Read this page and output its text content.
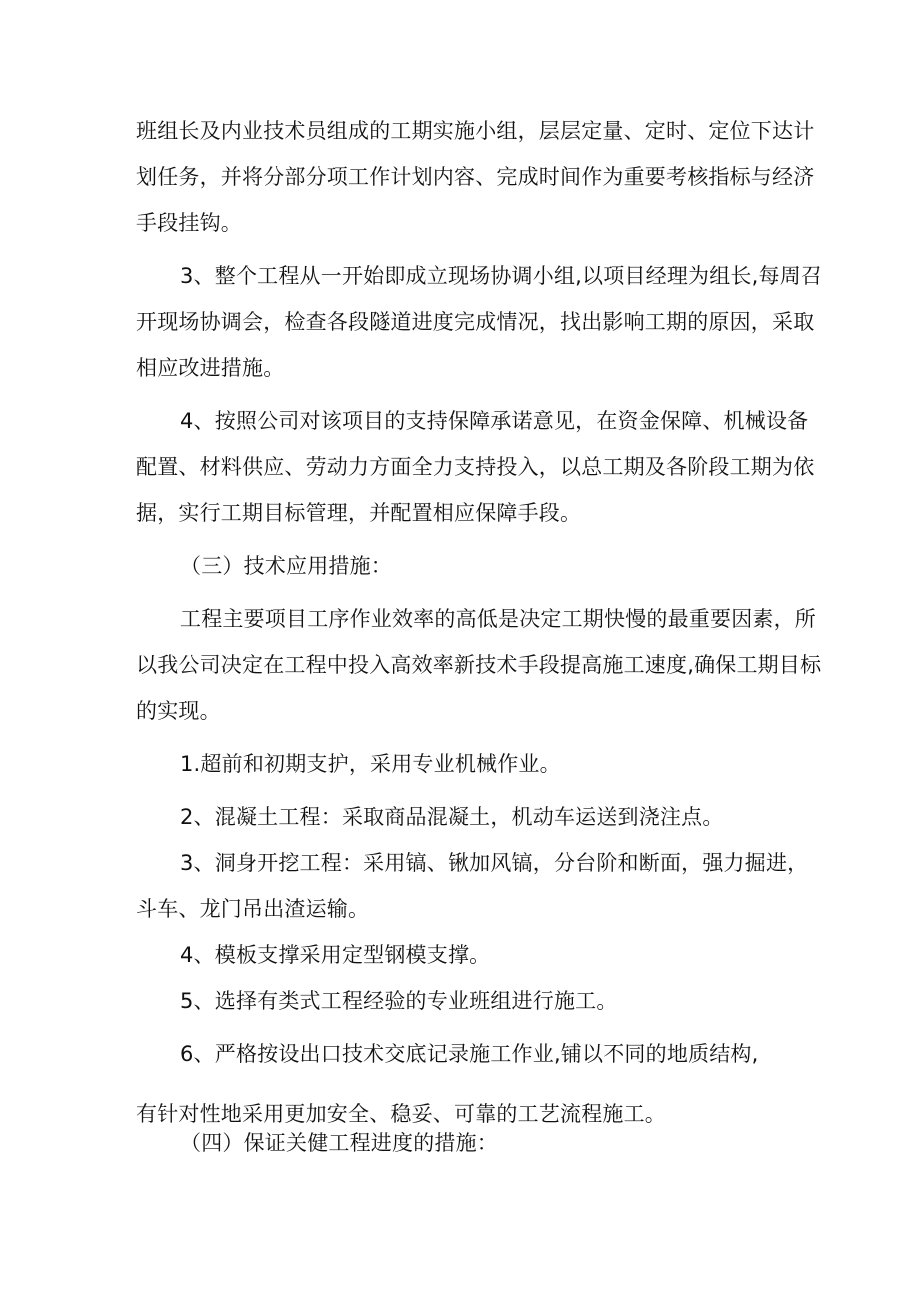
班组长及内业技术员组成的工期实施小组，层层定量、定时、定位下达计
划任务，并将分部分项工作计划内容、完成时间作为重要考核指标与经济
手段挂钩。
3、整个工程从一开始即成立现场协调小组,以项目经理为组长,每周召
开现场协调会，检查各段隧道进度完成情况，找出影响工期的原因，采取
相应改进措施。
4、按照公司对该项目的支持保障承诺意见，在资金保障、机械设备
配置、材料供应、劳动力方面全力支持投入，以总工期及各阶段工期为依
据，实行工期目标管理，并配置相应保障手段。
（三）技术应用措施：
工程主要项目工序作业效率的高低是决定工期快慢的最重要因素，所
以我公司决定在工程中投入高效率新技术手段提高施工速度,确保工期目标
的实现。
1.超前和初期支护，采用专业机械作业。
2、混凝土工程：采取商品混凝土，机动车运送到浇注点。
3、洞身开挖工程：采用镐、锹加风镐，分台阶和断面，强力掘进，
斗车、龙门吊出渣运输。
4、模板支撑采用定型钢模支撑。
5、选择有类式工程经验的专业班组进行施工。
6、严格按设出口技术交底记录施工作业,铺以不同的地质结构,
有针对性地采用更加安全、稳妥、可靠的工艺流程施工。
（四）保证关健工程进度的措施：
